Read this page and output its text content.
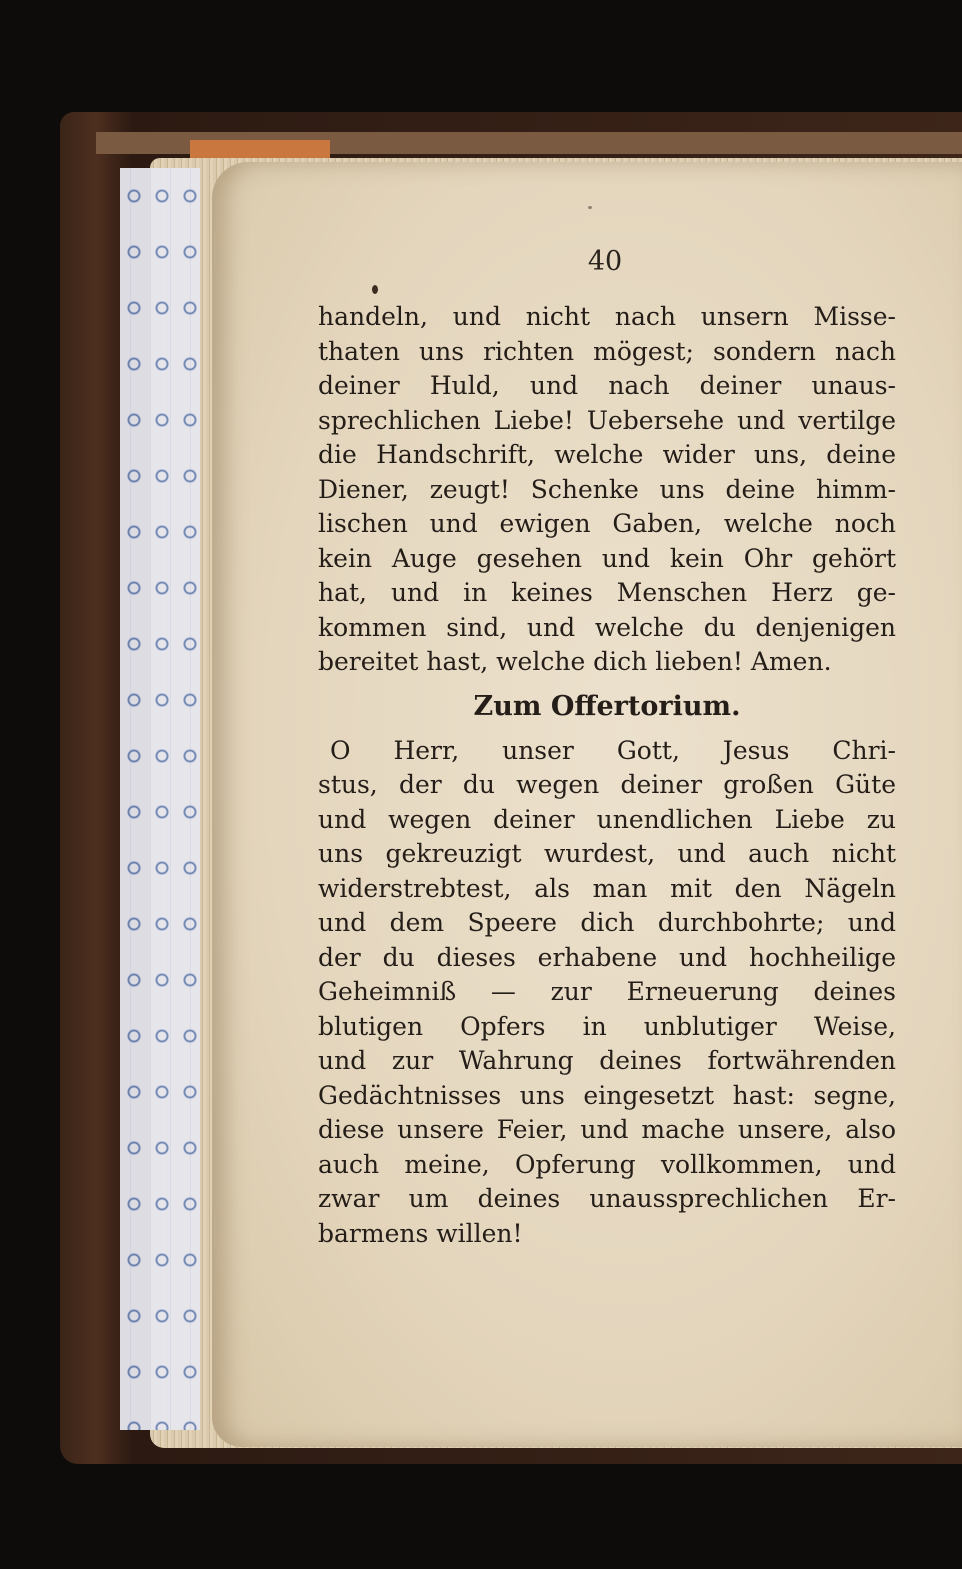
40
handeln, und nicht nach unsern Misse-
thaten uns richten mögest; sondern nach
deiner Huld, und nach deiner unaus-
sprechlichen Liebe! Uebersehe und vertilge
die Handschrift, welche wider uns, deine
Diener, zeugt! Schenke uns deine himm-
lischen und ewigen Gaben, welche noch
kein Auge gesehen und kein Ohr gehört
hat, und in keines Menschen Herz ge-
kommen sind, und welche du denjenigen
bereitet hast, welche dich lieben! Amen.
Zum Offertorium.
O Herr, unser Gott, Jesus Chri-
stus, der du wegen deiner großen Güte
und wegen deiner unendlichen Liebe zu
uns gekreuzigt wurdest, und auch nicht
widerstrebtest, als man mit den Nägeln
und dem Speere dich durchbohrte; und
der du dieses erhabene und hochheilige
Geheimniß — zur Erneuerung deines
blutigen Opfers in unblutiger Weise,
und zur Wahrung deines fortwährenden
Gedächtnisses uns eingesetzt hast: segne,
diese unsere Feier, und mache unsere, also
auch meine, Opferung vollkommen, und
zwar um deines unaussprechlichen Er-
barmens willen!
